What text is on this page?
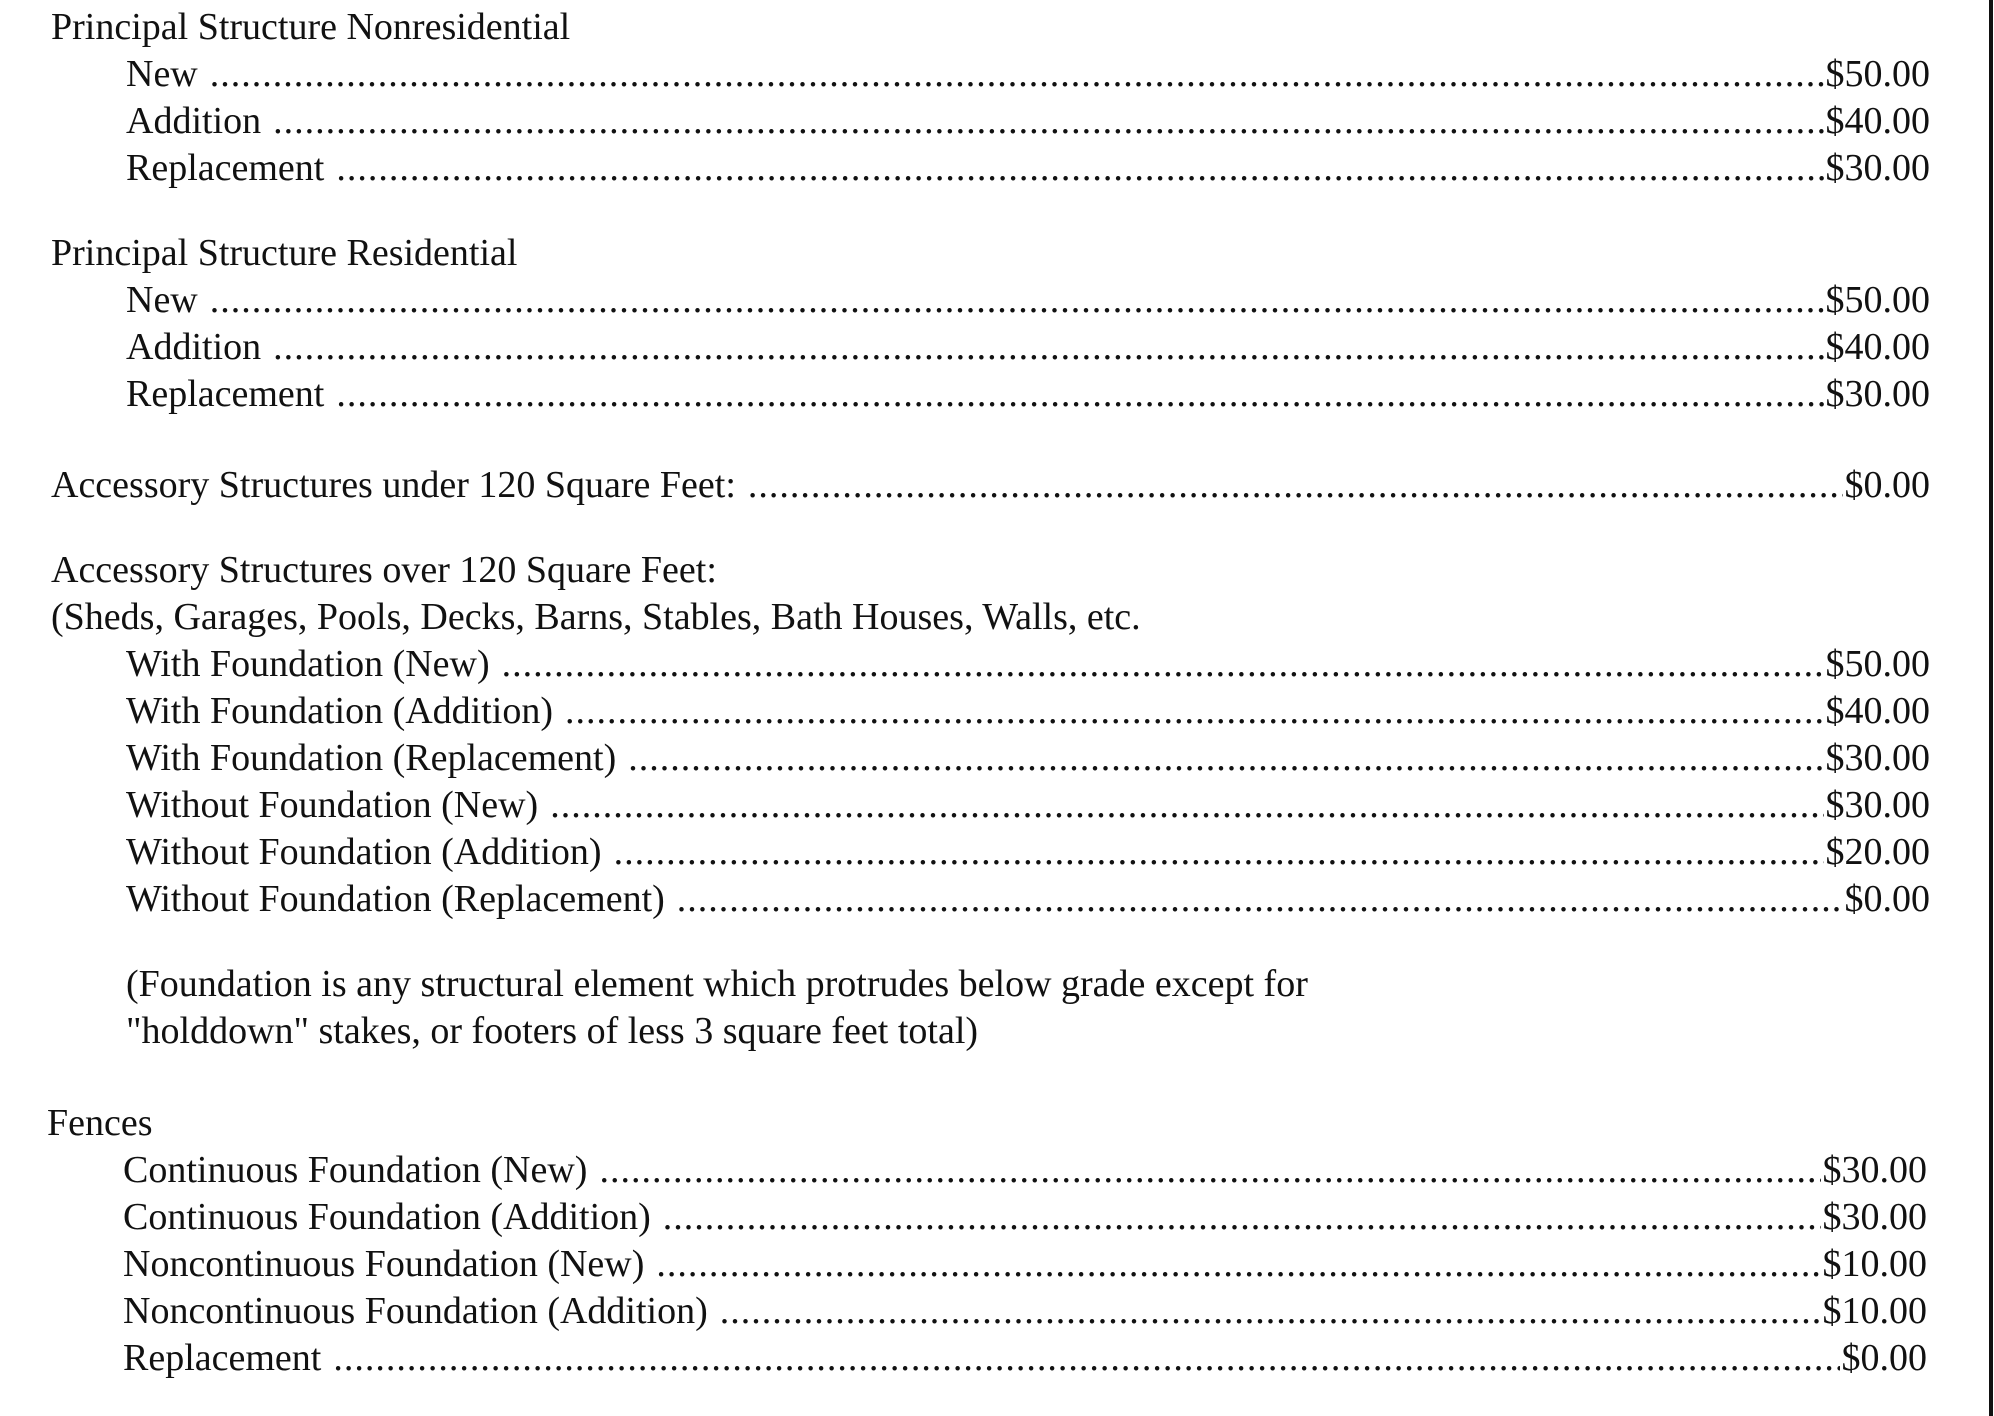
Principal Structure Nonresidential
New .....	$50.00
Addition .....	$40.00
Replacement .....	$30.00
Principal Structure Residential
New .....	$50.00
Addition .....	$40.00
Replacement .....	$30.00
Accessory Structures under 120 Square Feet: .....	$0.00
Accessory Structures over 120 Square Feet:
(Sheds, Garages, Pools, Decks, Barns, Stables, Bath Houses, Walls, etc.
With Foundation (New) .....	$50.00
With Foundation (Addition) .....	$40.00
With Foundation (Replacement) .....	$30.00
Without Foundation (New) .....	$30.00
Without Foundation (Addition) .....	$20.00
Without Foundation (Replacement) .....	$0.00
(Foundation is any structural element which protrudes below grade except for
"holddown" stakes, or footers of less 3 square feet total)
Fences
Continuous Foundation (New) .....	$30.00
Continuous Foundation (Addition) .....	$30.00
Noncontinuous Foundation (New) .....	$10.00
Noncontinuous Foundation (Addition) .....	$10.00
Replacement .....	$0.00
